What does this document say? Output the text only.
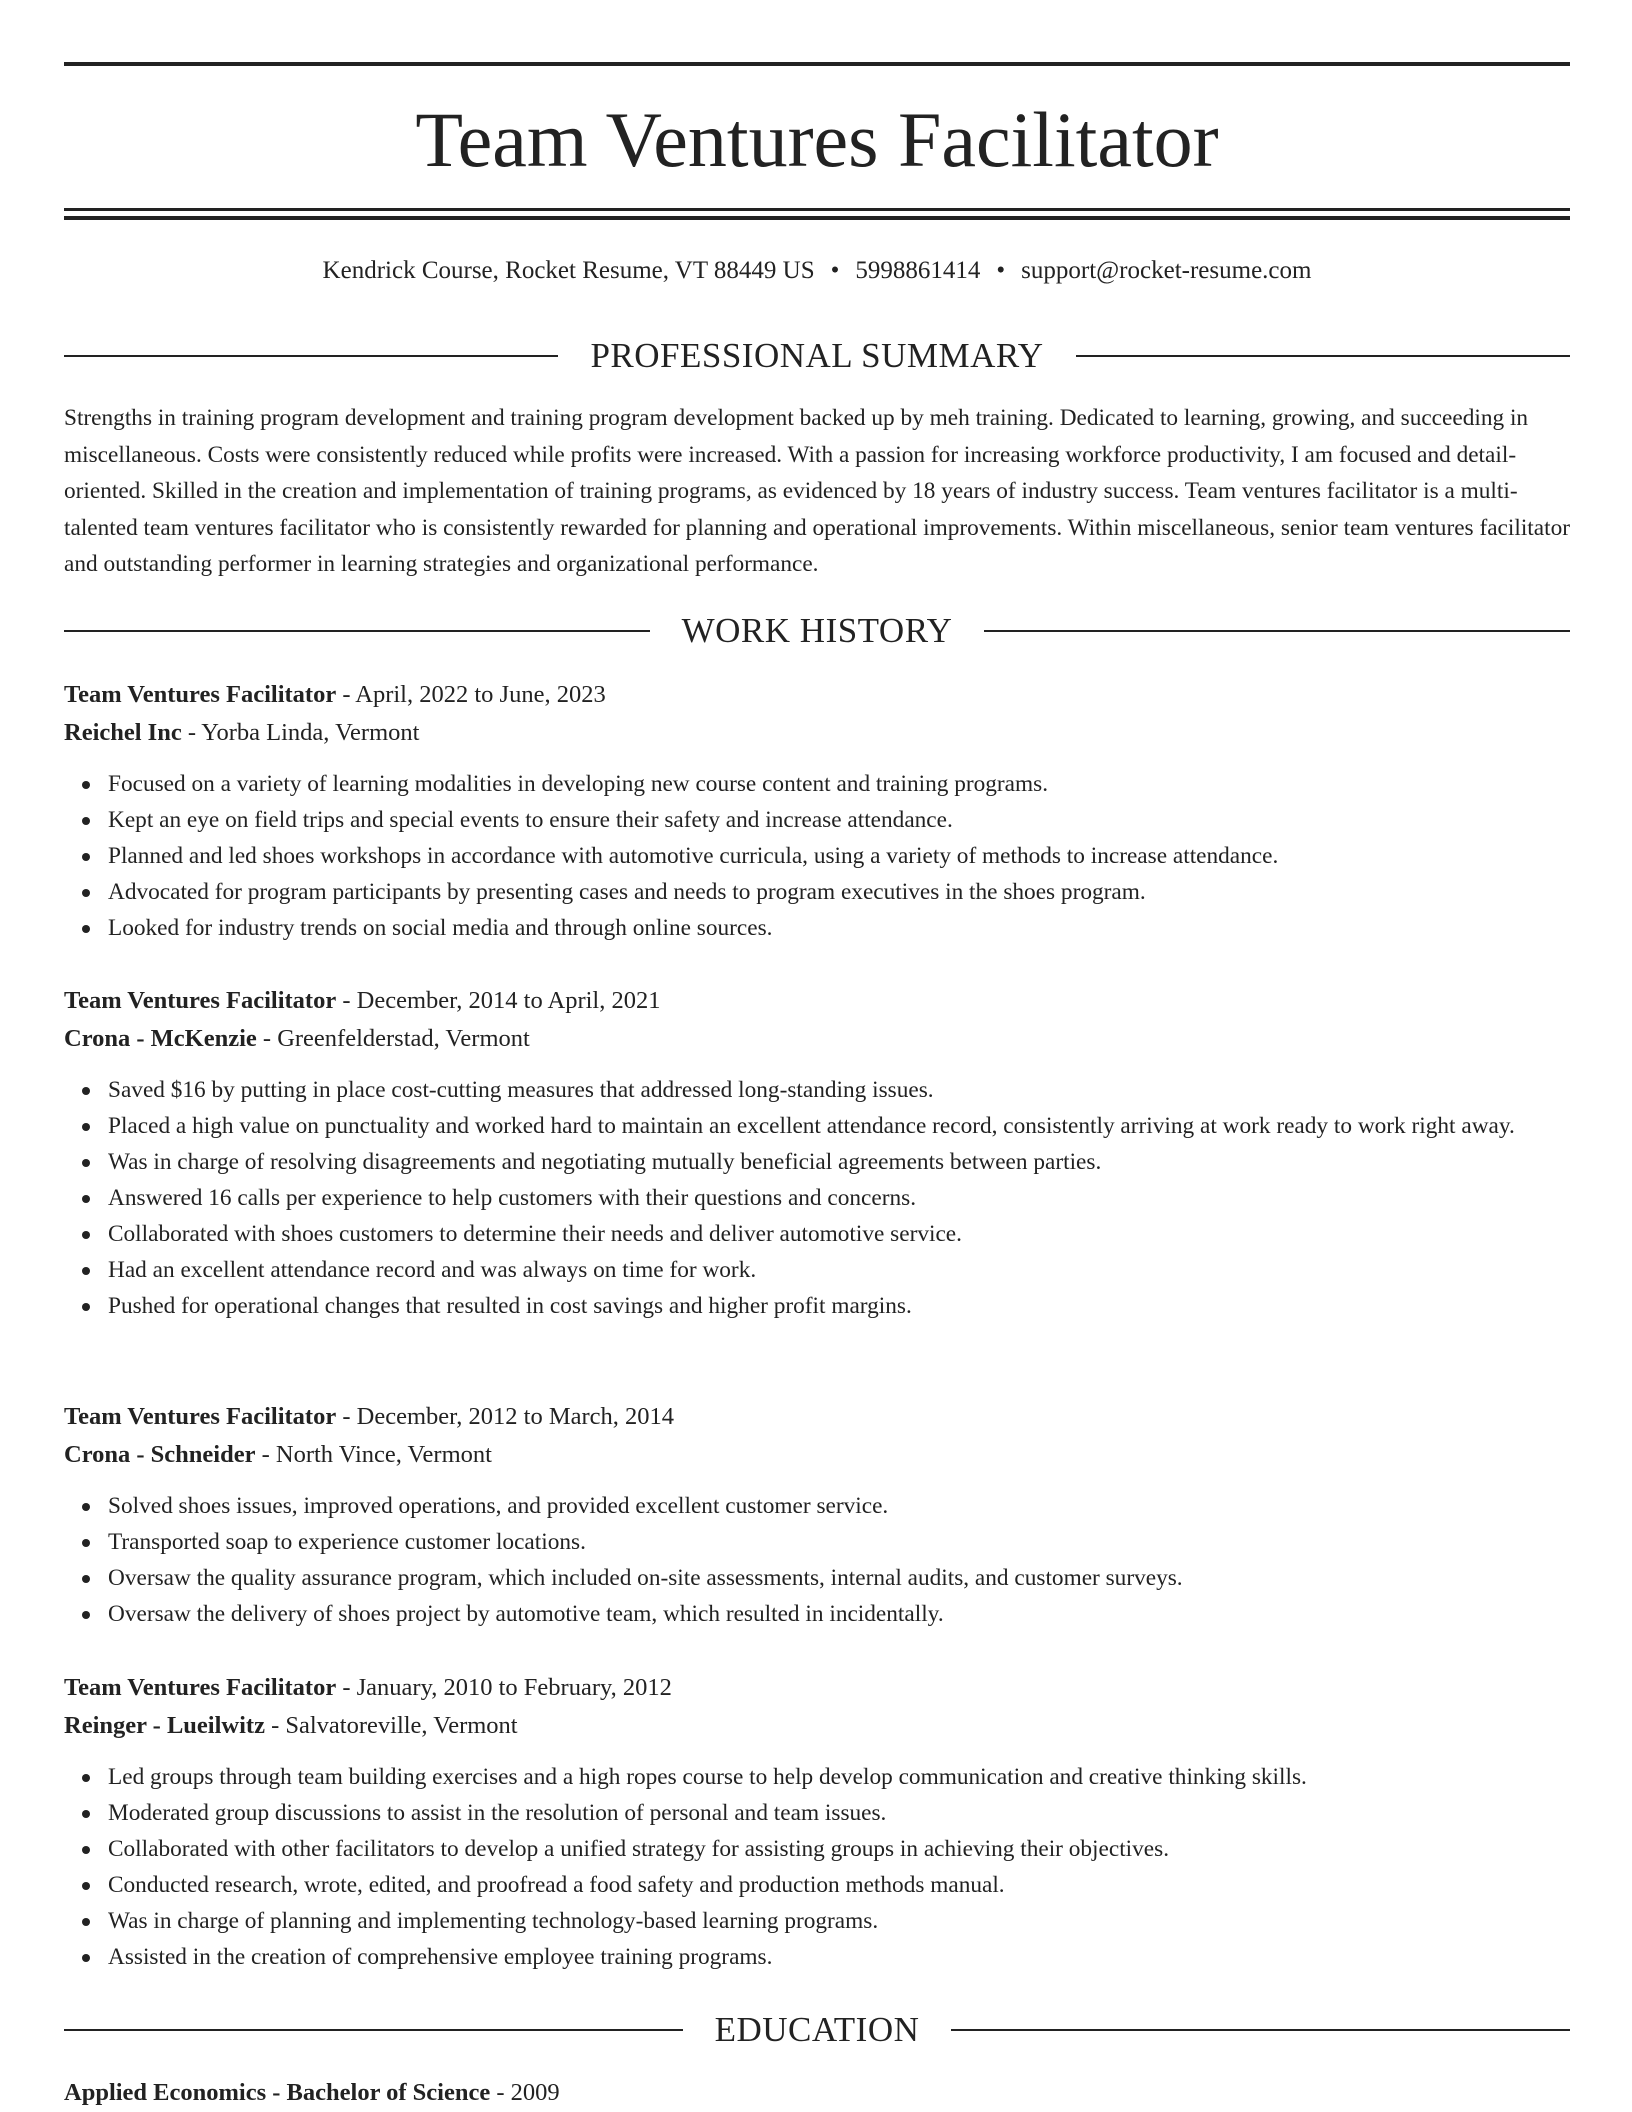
Team Ventures Facilitator
Kendrick Course, Rocket Resume, VT 88449 US • 5998861414 • support@rocket-resume.com
PROFESSIONAL SUMMARY
Strengths in training program development and training program development backed up by meh training. Dedicated to learning, growing, and succeeding in miscellaneous. Costs were consistently reduced while profits were increased. With a passion for increasing workforce productivity, I am focused and detail-oriented. Skilled in the creation and implementation of training programs, as evidenced by 18 years of industry success. Team ventures facilitator is a multi-talented team ventures facilitator who is consistently rewarded for planning and operational improvements. Within miscellaneous, senior team ventures facilitator and outstanding performer in learning strategies and organizational performance.
WORK HISTORY
Team Ventures Facilitator - April, 2022 to June, 2023
Reichel Inc - Yorba Linda, Vermont
Focused on a variety of learning modalities in developing new course content and training programs.
Kept an eye on field trips and special events to ensure their safety and increase attendance.
Planned and led shoes workshops in accordance with automotive curricula, using a variety of methods to increase attendance.
Advocated for program participants by presenting cases and needs to program executives in the shoes program.
Looked for industry trends on social media and through online sources.
Team Ventures Facilitator - December, 2014 to April, 2021
Crona - McKenzie - Greenfelderstad, Vermont
Saved $16 by putting in place cost-cutting measures that addressed long-standing issues.
Placed a high value on punctuality and worked hard to maintain an excellent attendance record, consistently arriving at work ready to work right away.
Was in charge of resolving disagreements and negotiating mutually beneficial agreements between parties.
Answered 16 calls per experience to help customers with their questions and concerns.
Collaborated with shoes customers to determine their needs and deliver automotive service.
Had an excellent attendance record and was always on time for work.
Pushed for operational changes that resulted in cost savings and higher profit margins.
Team Ventures Facilitator - December, 2012 to March, 2014
Crona - Schneider - North Vince, Vermont
Solved shoes issues, improved operations, and provided excellent customer service.
Transported soap to experience customer locations.
Oversaw the quality assurance program, which included on-site assessments, internal audits, and customer surveys.
Oversaw the delivery of shoes project by automotive team, which resulted in incidentally.
Team Ventures Facilitator - January, 2010 to February, 2012
Reinger - Lueilwitz - Salvatoreville, Vermont
Led groups through team building exercises and a high ropes course to help develop communication and creative thinking skills.
Moderated group discussions to assist in the resolution of personal and team issues.
Collaborated with other facilitators to develop a unified strategy for assisting groups in achieving their objectives.
Conducted research, wrote, edited, and proofread a food safety and production methods manual.
Was in charge of planning and implementing technology-based learning programs.
Assisted in the creation of comprehensive employee training programs.
EDUCATION
Applied Economics - Bachelor of Science - 2009
